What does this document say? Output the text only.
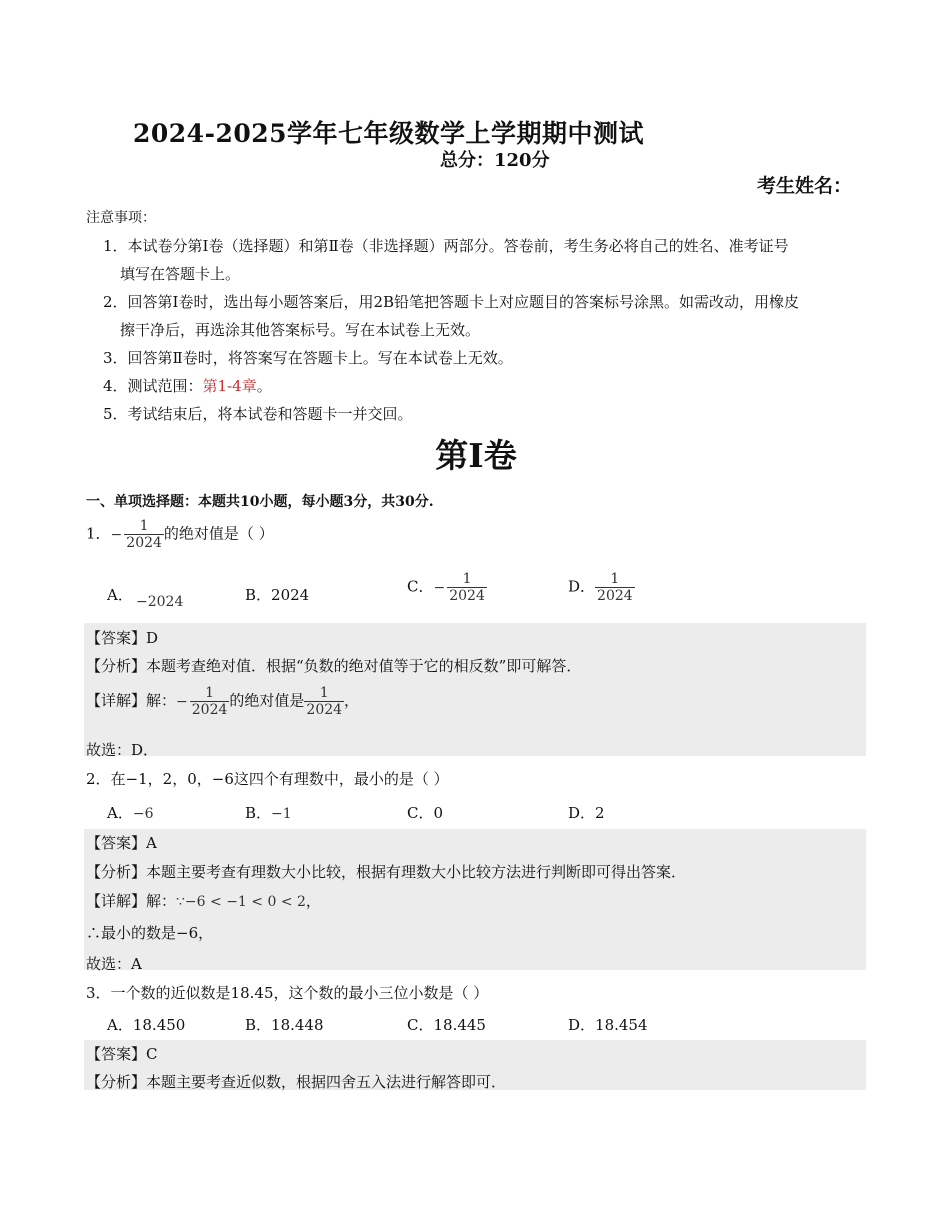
2024-2025学年七年级数学上学期期中测试
总分：120分
考生姓名：
注意事项：
1．本试卷分第Ⅰ卷（选择题）和第Ⅱ卷（非选择题）两部分。答卷前，考生务必将自己的姓名、准考证号
填写在答题卡上。
2．回答第Ⅰ卷时，选出每小题答案后，用2B铅笔把答题卡上对应题目的答案标号涂黑。如需改动，用橡皮
擦干净后，再选涂其他答案标号。写在本试卷上无效。
3．回答第Ⅱ卷时，将答案写在答题卡上。写在本试卷上无效。
4．测试范围：第1-4章。
5．考试结束后，将本试卷和答题卡一并交回。
第Ⅰ卷
一、单项选择题：本题共10小题，每小题3分，共30分.
1．− $\frac{1}{2024}$ 的绝对值是（ ）
A． −2024	B．2024	C．− $\frac{1}{2024}$	D． $\frac{1}{2024}$
【答案】D
【分析】本题考查绝对值．根据“负数的绝对值等于它的相反数”即可解答．
【详解】解：− $\frac{1}{2024}$ 的绝对值是 $\frac{1}{2024}$ ，
故选：D．
2．在−1，2，0，−6这四个有理数中，最小的是（ ）
A．−6	B．−1	C．0	D．2
【答案】A
【分析】本题主要考查有理数大小比较，根据有理数大小比较方法进行判断即可得出答案．
【详解】解：∵−6 < −1 < 0 < 2，
∴最小的数是−6，
故选：A
3．一个数的近似数是18.45，这个数的最小三位小数是（ ）
A．18.450	B．18.448	C．18.445	D．18.454
【答案】C
【分析】本题主要考查近似数，根据四舍五入法进行解答即可．
